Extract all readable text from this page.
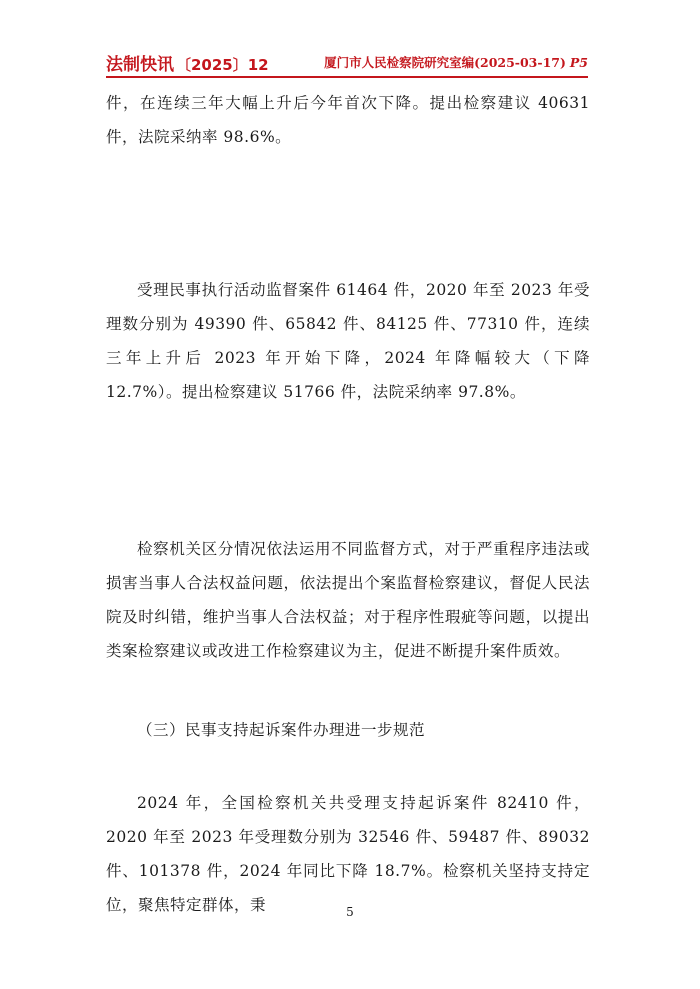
法制快讯 〔2025〕12	厦门市人民检察院研究室编(2025-03-17) P5

件，在连续三年大幅上升后今年首次下降。提出检察建议 40631 件，法院采纳率 98.6%。

受理民事执行活动监督案件 61464 件，2020 年至 2023 年受理数分别为 49390 件、65842 件、84125 件、77310 件，连续三年上升后 2023 年开始下降，2024 年降幅较大（下降 12.7%）。提出检察建议 51766 件，法院采纳率 97.8%。

检察机关区分情况依法运用不同监督方式，对于严重程序违法或损害当事人合法权益问题，依法提出个案监督检察建议，督促人民法院及时纠错，维护当事人合法权益；对于程序性瑕疵等问题，以提出类案检察建议或改进工作检察建议为主，促进不断提升案件质效。

（三）民事支持起诉案件办理进一步规范

2024 年，全国检察机关共受理支持起诉案件 82410 件，2020 年至 2023 年受理数分别为 32546 件、59487 件、89032 件、101378 件，2024 年同比下降 18.7%。检察机关坚持支持定位，聚焦特定群体，秉	5
